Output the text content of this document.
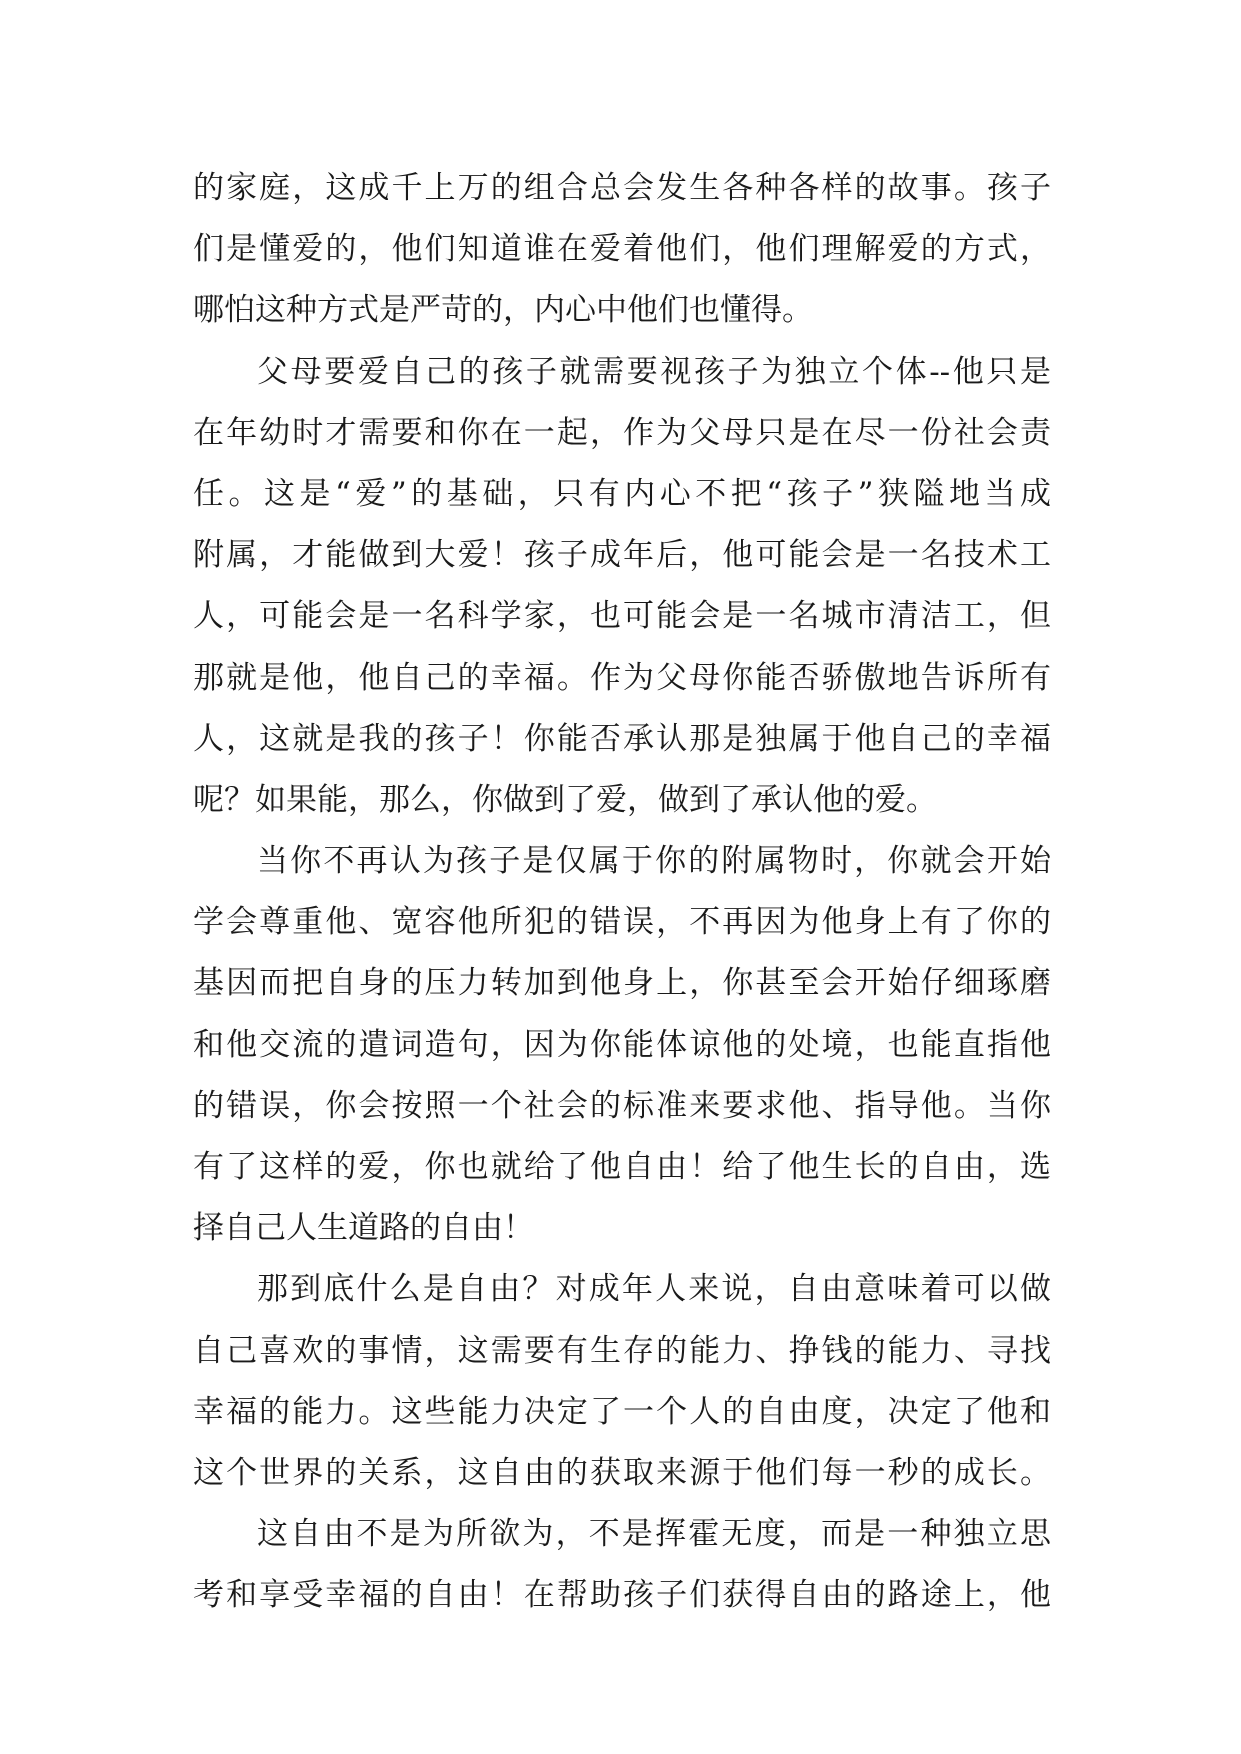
的家庭，这成千上万的组合总会发生各种各样的故事。孩子
们是懂爱的，他们知道谁在爱着他们，他们理解爱的方式，
哪怕这种方式是严苛的，内心中他们也懂得。
父母要爱自己的孩子就需要视孩子为独立个体--他只是
在年幼时才需要和你在一起，作为父母只是在尽一份社会责
任。这是“爱”的基础，只有内心不把“孩子”狭隘地当成
附属，才能做到大爱！孩子成年后，他可能会是一名技术工
人，可能会是一名科学家，也可能会是一名城市清洁工，但
那就是他，他自己的幸福。作为父母你能否骄傲地告诉所有
人，这就是我的孩子！你能否承认那是独属于他自己的幸福
呢？如果能，那么，你做到了爱，做到了承认他的爱。
当你不再认为孩子是仅属于你的附属物时，你就会开始
学会尊重他、宽容他所犯的错误，不再因为他身上有了你的
基因而把自身的压力转加到他身上，你甚至会开始仔细琢磨
和他交流的遣词造句，因为你能体谅他的处境，也能直指他
的错误，你会按照一个社会的标准来要求他、指导他。当你
有了这样的爱，你也就给了他自由！给了他生长的自由，选
择自己人生道路的自由！
那到底什么是自由？对成年人来说，自由意味着可以做
自己喜欢的事情，这需要有生存的能力、挣钱的能力、寻找
幸福的能力。这些能力决定了一个人的自由度，决定了他和
这个世界的关系，这自由的获取来源于他们每一秒的成长。
这自由不是为所欲为，不是挥霍无度，而是一种独立思
考和享受幸福的自由！在帮助孩子们获得自由的路途上，他
